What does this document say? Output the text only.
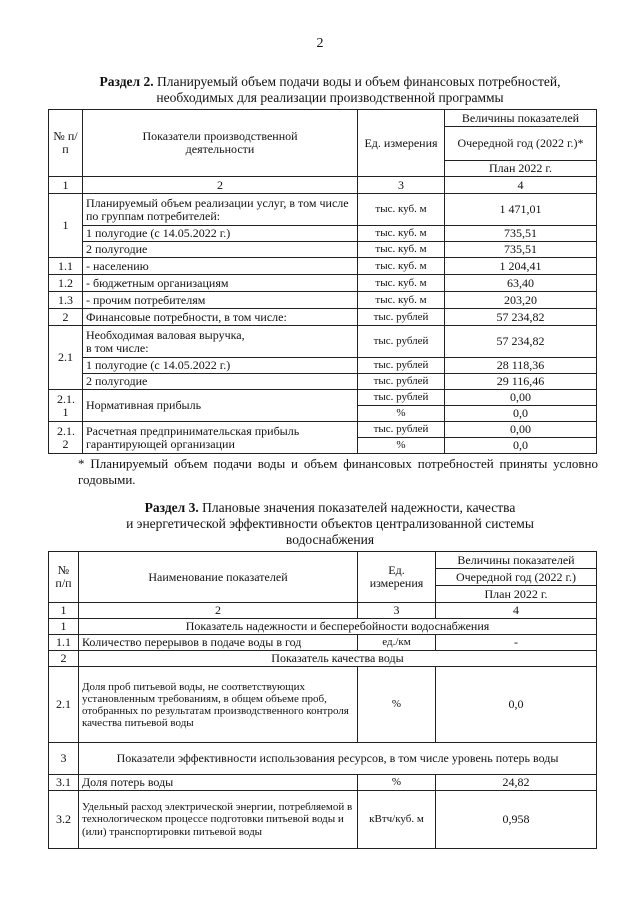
2
Раздел 2. Планируемый объем подачи воды и объем финансовых потребностей,
необходимых для реализации производственной программы
№ п/п	Показатели производственной деятельности	Ед. измерения	Величины показателей
			Очередной год (2022 г.)*
			План 2022 г.
1	2	3	4
1	Планируемый объем реализации услуг, в том числе по группам потребителей:	тыс. куб. м	1 471,01
	1 полугодие (с 14.05.2022 г.)	тыс. куб. м	735,51
	2 полугодие	тыс. куб. м	735,51
1.1	- населению	тыс. куб. м	1 204,41
1.2	- бюджетным организациям	тыс. куб. м	63,40
1.3	- прочим потребителям	тыс. куб. м	203,20
2	Финансовые потребности, в том числе:	тыс. рублей	57 234,82
2.1	Необходимая валовая выручка, в том числе:	тыс. рублей	57 234,82
	1 полугодие (с 14.05.2022 г.)	тыс. рублей	28 118,36
	2 полугодие	тыс. рублей	29 116,46
2.1. 1	Нормативная прибыль	тыс. рублей	0,00
		%	0,0
2.1. 2	Расчетная предпринимательская прибыль гарантирующей организации	тыс. рублей	0,00
		%	0,0
* Планируемый объем подачи воды и объем финансовых потребностей приняты условно годовыми.
Раздел 3. Плановые значения показателей надежности, качества
и энергетической эффективности объектов централизованной системы
водоснабжения
№ п/п	Наименование показателей	Ед. измерения	Величины показателей
			Очередной год (2022 г.)
			План 2022 г.
1	2	3	4
1	Показатель надежности и бесперебойности водоснабжения		
1.1	Количество перерывов в подаче воды в год	ед./км	-
2	Показатель качества воды		
2.1	Доля проб питьевой воды, не соответствующих установленным требованиям, в общем объеме проб, отобранных по результатам производственного контроля качества питьевой воды	%	0,0
3	Показатели эффективности использования ресурсов, в том числе уровень потерь воды		
3.1	Доля потерь воды	%	24,82
3.2	Удельный расход электрической энергии, потребляемой в технологическом процессе подготовки питьевой воды и (или) транспортировки питьевой воды	кВтч/куб. м	0,958
